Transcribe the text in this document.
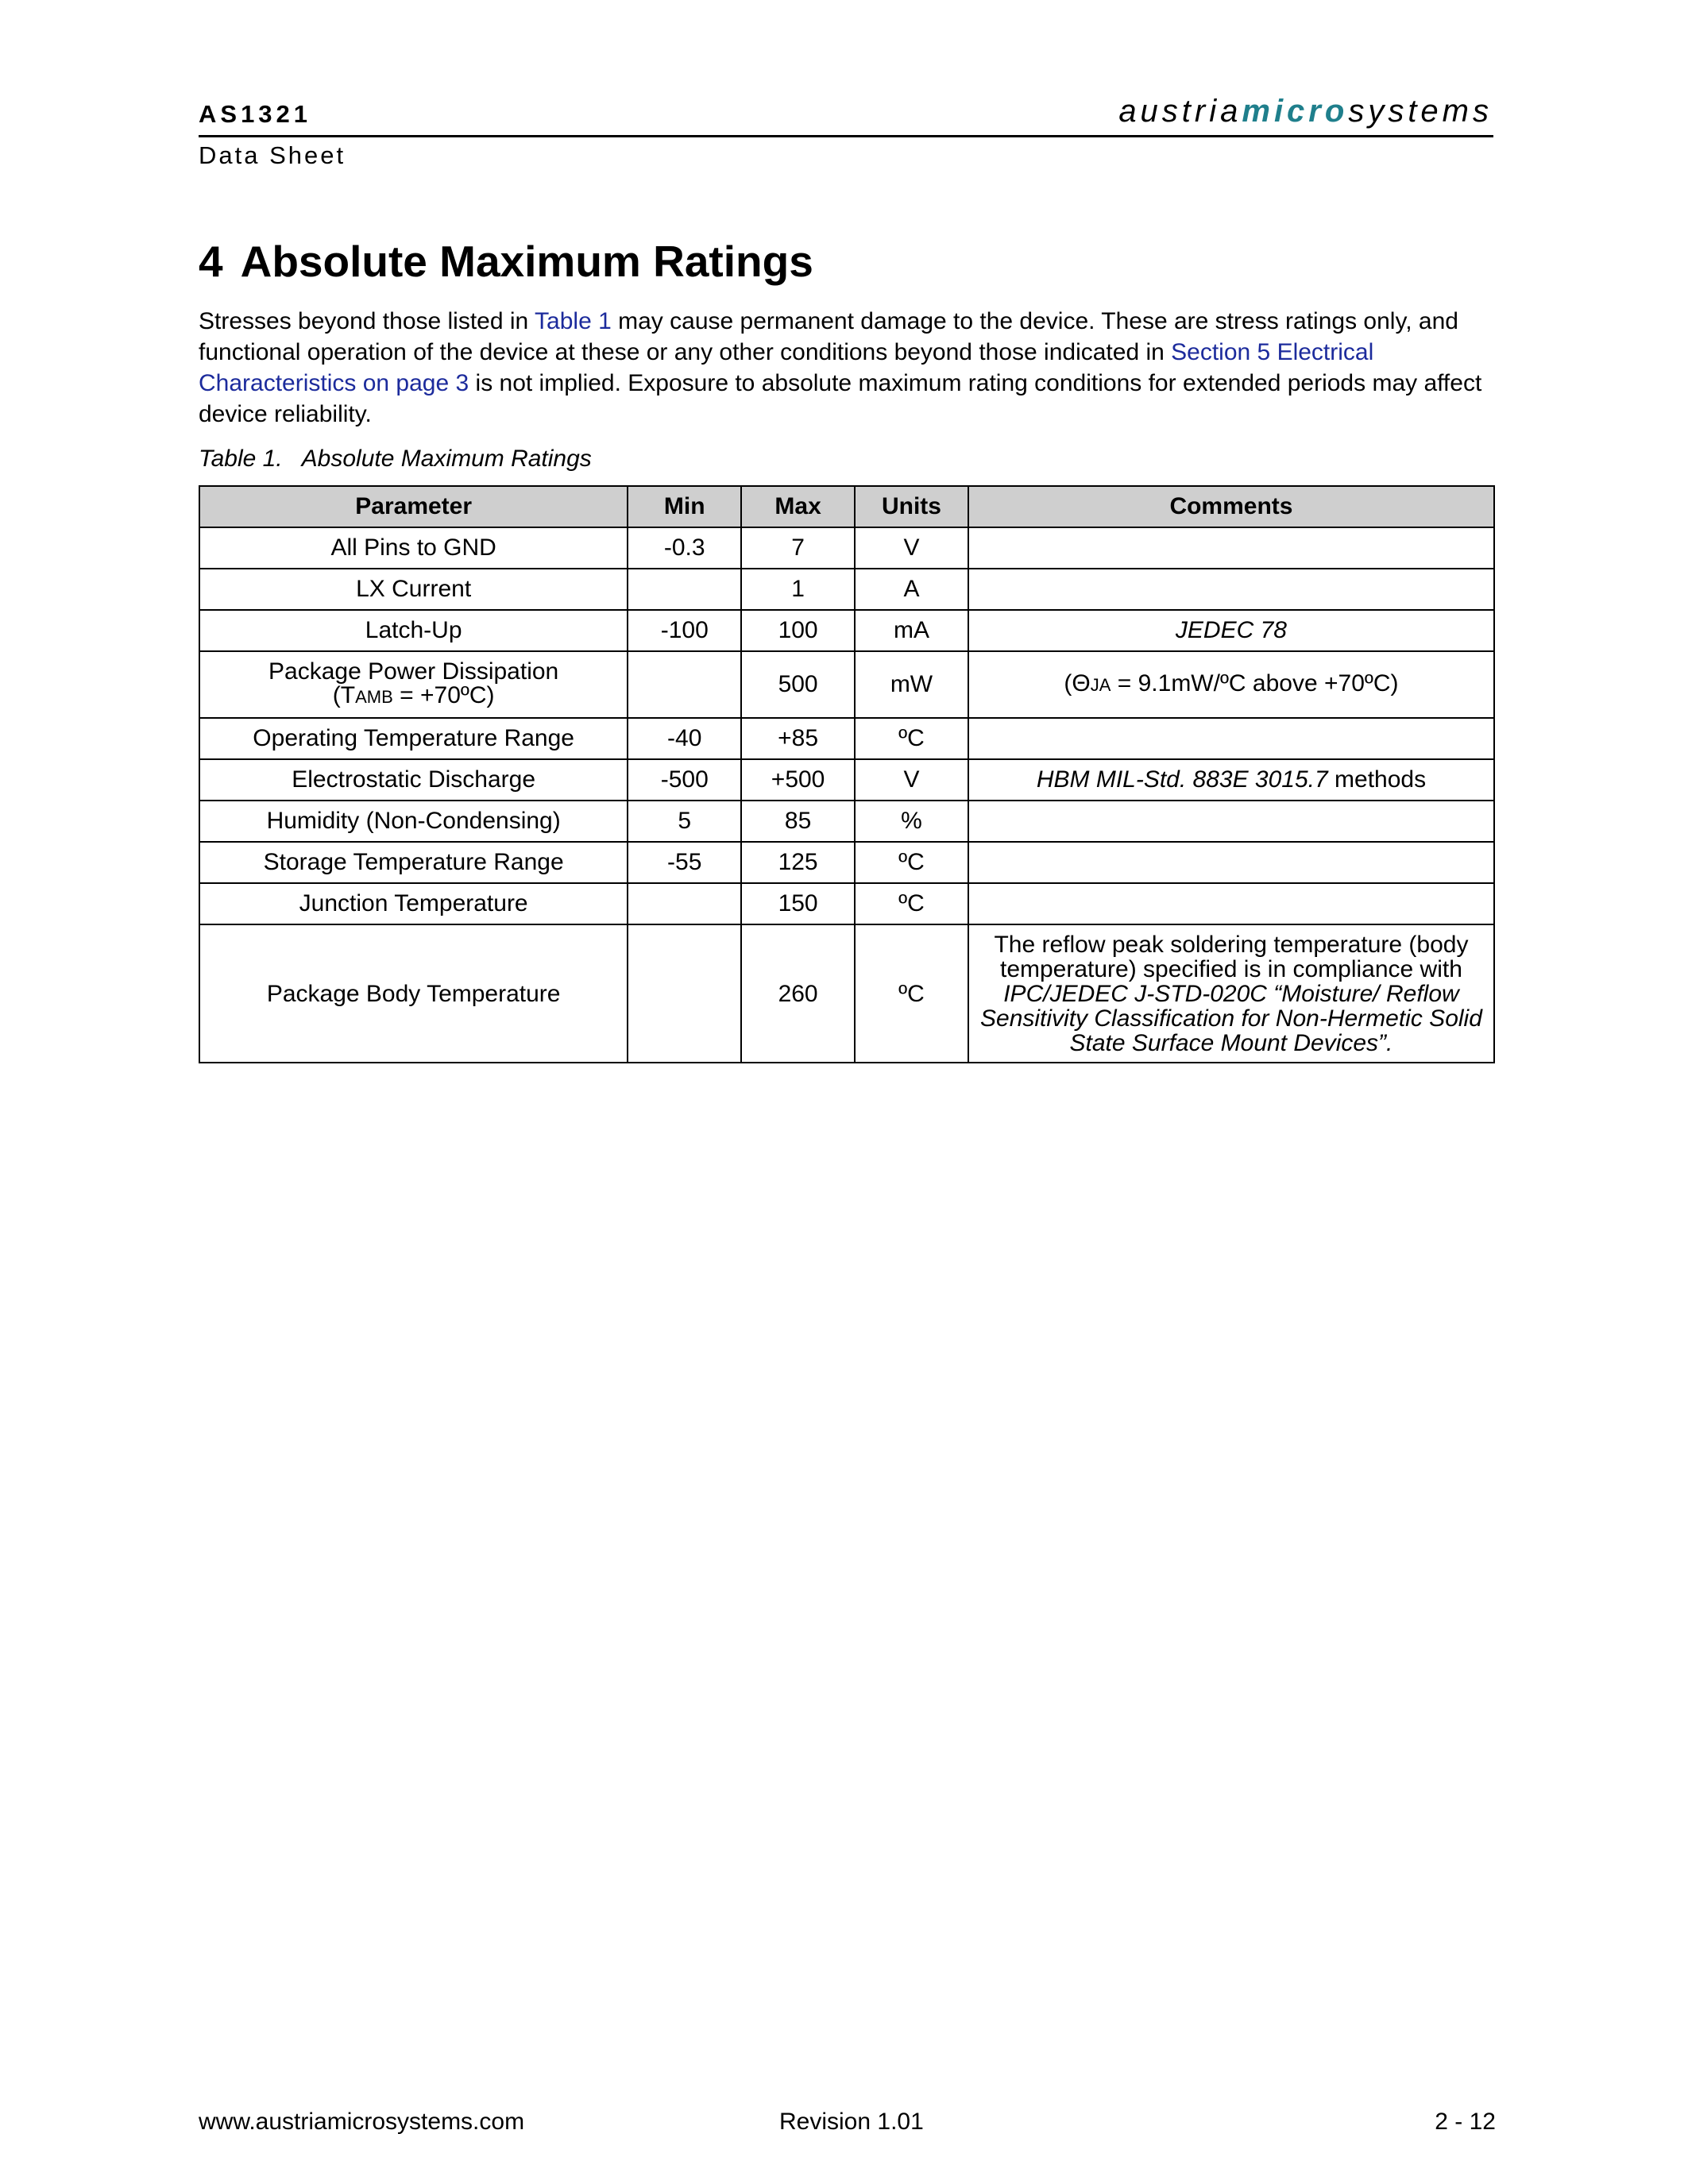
AS1321	austriamicrosystems
Data Sheet
4 Absolute Maximum Ratings
Stresses beyond those listed in Table 1 may cause permanent damage to the device. These are stress ratings only, and functional operation of the device at these or any other conditions beyond those indicated in Section 5 Electrical Characteristics on page 3 is not implied. Exposure to absolute maximum rating conditions for extended periods may affect device reliability.
Table 1. Absolute Maximum Ratings
Parameter	Min	Max	Units	Comments
All Pins to GND	-0.3	7	V	
LX Current		1	A	
Latch-Up	-100	100	mA	JEDEC 78
Package Power Dissipation
(TAMB = +70ºC)		500	mW	(ΘJA = 9.1mW/ºC above +70ºC)
Operating Temperature Range	-40	+85	ºC	
Electrostatic Discharge	-500	+500	V	HBM MIL-Std. 883E 3015.7 methods
Humidity (Non-Condensing)	5	85	%	
Storage Temperature Range	-55	125	ºC	
Junction Temperature		150	ºC	
Package Body Temperature		260	ºC	The reflow peak soldering temperature (body temperature) specified is in compliance with IPC/JEDEC J-STD-020C “Moisture/ Reflow Sensitivity Classification for Non-Hermetic Solid State Surface Mount Devices”.
www.austriamicrosystems.com	Revision 1.01	2 - 12
